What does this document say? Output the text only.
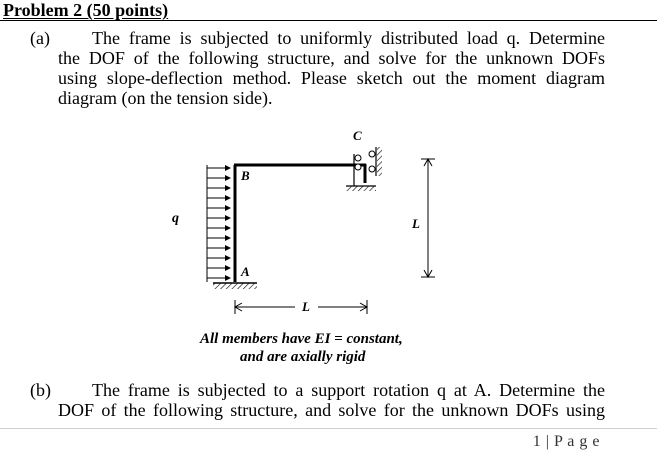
Problem 2 (50 points)
(a) The frame is subjected to uniformly distributed load q. Determine
the DOF of the following structure, and solve for the unknown DOFs
using slope-deflection method. Please sketch out the moment diagram
diagram (on the tension side).
C
B
A
q	L
L
All members have EI = constant,
and are axially rigid
(b) The frame is subjected to a support rotation q at A. Determine the
DOF of the following structure, and solve for the unknown DOFs using
1 | P a g e
